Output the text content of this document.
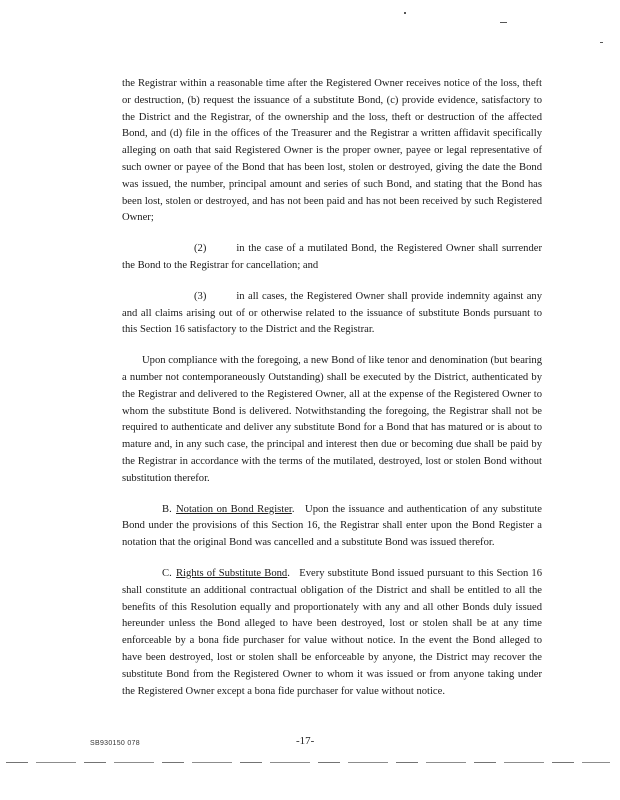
the Registrar within a reasonable time after the Registered Owner receives notice of the loss, theft or destruction, (b) request the issuance of a substitute Bond, (c) provide evidence, satisfactory to the District and the Registrar, of the ownership and the loss, theft or destruction of the affected Bond, and (d) file in the offices of the Treasurer and the Registrar a written affidavit specifically alleging on oath that said Registered Owner is the proper owner, payee or legal representative of such owner or payee of the Bond that has been lost, stolen or destroyed, giving the date the Bond was issued, the number, principal amount and series of such Bond, and stating that the Bond has been lost, stolen or destroyed, and has not been paid and has not been received by such Registered Owner;

(2)	in the case of a mutilated Bond, the Registered Owner shall surrender the Bond to the Registrar for cancellation; and

(3)	in all cases, the Registered Owner shall provide indemnity against any and all claims arising out of or otherwise related to the issuance of substitute Bonds pursuant to this Section 16 satisfactory to the District and the Registrar.

Upon compliance with the foregoing, a new Bond of like tenor and denomination (but bearing a number not contemporaneously Outstanding) shall be executed by the District, authenticated by the Registrar and delivered to the Registered Owner, all at the expense of the Registered Owner to whom the substitute Bond is delivered. Notwithstanding the foregoing, the Registrar shall not be required to authenticate and deliver any substitute Bond for a Bond that has matured or is about to mature and, in any such case, the principal and interest then due or becoming due shall be paid by the Registrar in accordance with the terms of the mutilated, destroyed, lost or stolen Bond without substitution therefor.

B. Notation on Bond Register.   Upon the issuance and authentication of any substitute Bond under the provisions of this Section 16, the Registrar shall enter upon the Bond Register a notation that the original Bond was cancelled and a substitute Bond was issued therefor.

C. Rights of Substitute Bond.   Every substitute Bond issued pursuant to this Section 16 shall constitute an additional contractual obligation of the District and shall be entitled to all the benefits of this Resolution equally and proportionately with any and all other Bonds duly issued hereunder unless the Bond alleged to have been destroyed, lost or stolen shall be at any time enforceable by a bona fide purchaser for value without notice. In the event the Bond alleged to have been destroyed, lost or stolen shall be enforceable by anyone, the District may recover the substitute Bond from the Registered Owner to whom it was issued or from anyone taking under the Registered Owner except a bona fide purchaser for value without notice.

SB930150 078	-17-
